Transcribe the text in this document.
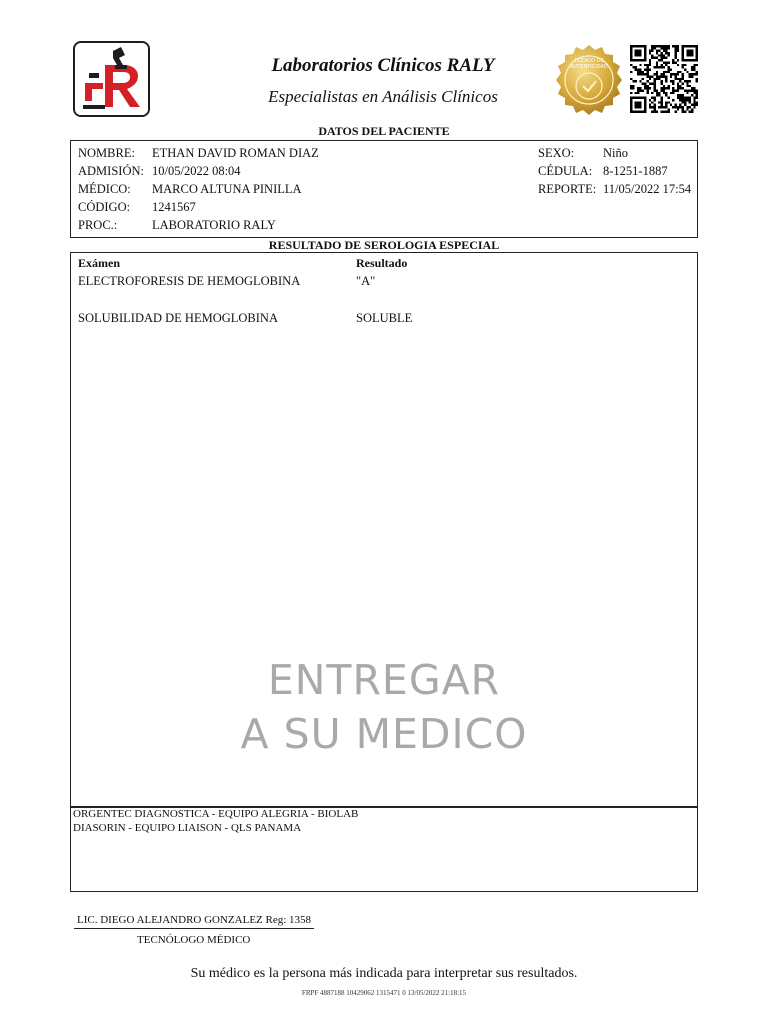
Laboratorios Clínicos RALY
Especialistas en Análisis Clínicos
CODIGO DE
AUTENTICIDAD
DATOS DEL PACIENTE
NOMBRE: ETHAN DAVID ROMAN DIAZ
ADMISIÓN: 10/05/2022 08:04
MÉDICO: MARCO ALTUNA PINILLA
CÓDIGO: 1241567
PROC.:	LABORATORIO RALY
SEXO: Niño
CÉDULA: 8-1251-1887
REPORTE: 11/05/2022 17:54
RESULTADO DE SEROLOGIA ESPECIAL
Exámen	Resultado
ELECTROFORESIS DE HEMOGLOBINA	"A"
SOLUBILIDAD DE HEMOGLOBINA	SOLUBLE
ENTREGAR
A SU MEDICO
ORGENTEC DIAGNOSTICA - EQUIPO ALEGRIA - BIOLAB
DIASORIN - EQUIPO LIAISON - QLS PANAMA
LIC. DIEGO ALEJANDRO GONZALEZ Reg: 1358
TECNÓLOGO MÉDICO
Su médico es la persona más indicada para interpretar sus resultados.
FRPF 4887188 10429062 1315471 0 13/05/2022 21:18:15
